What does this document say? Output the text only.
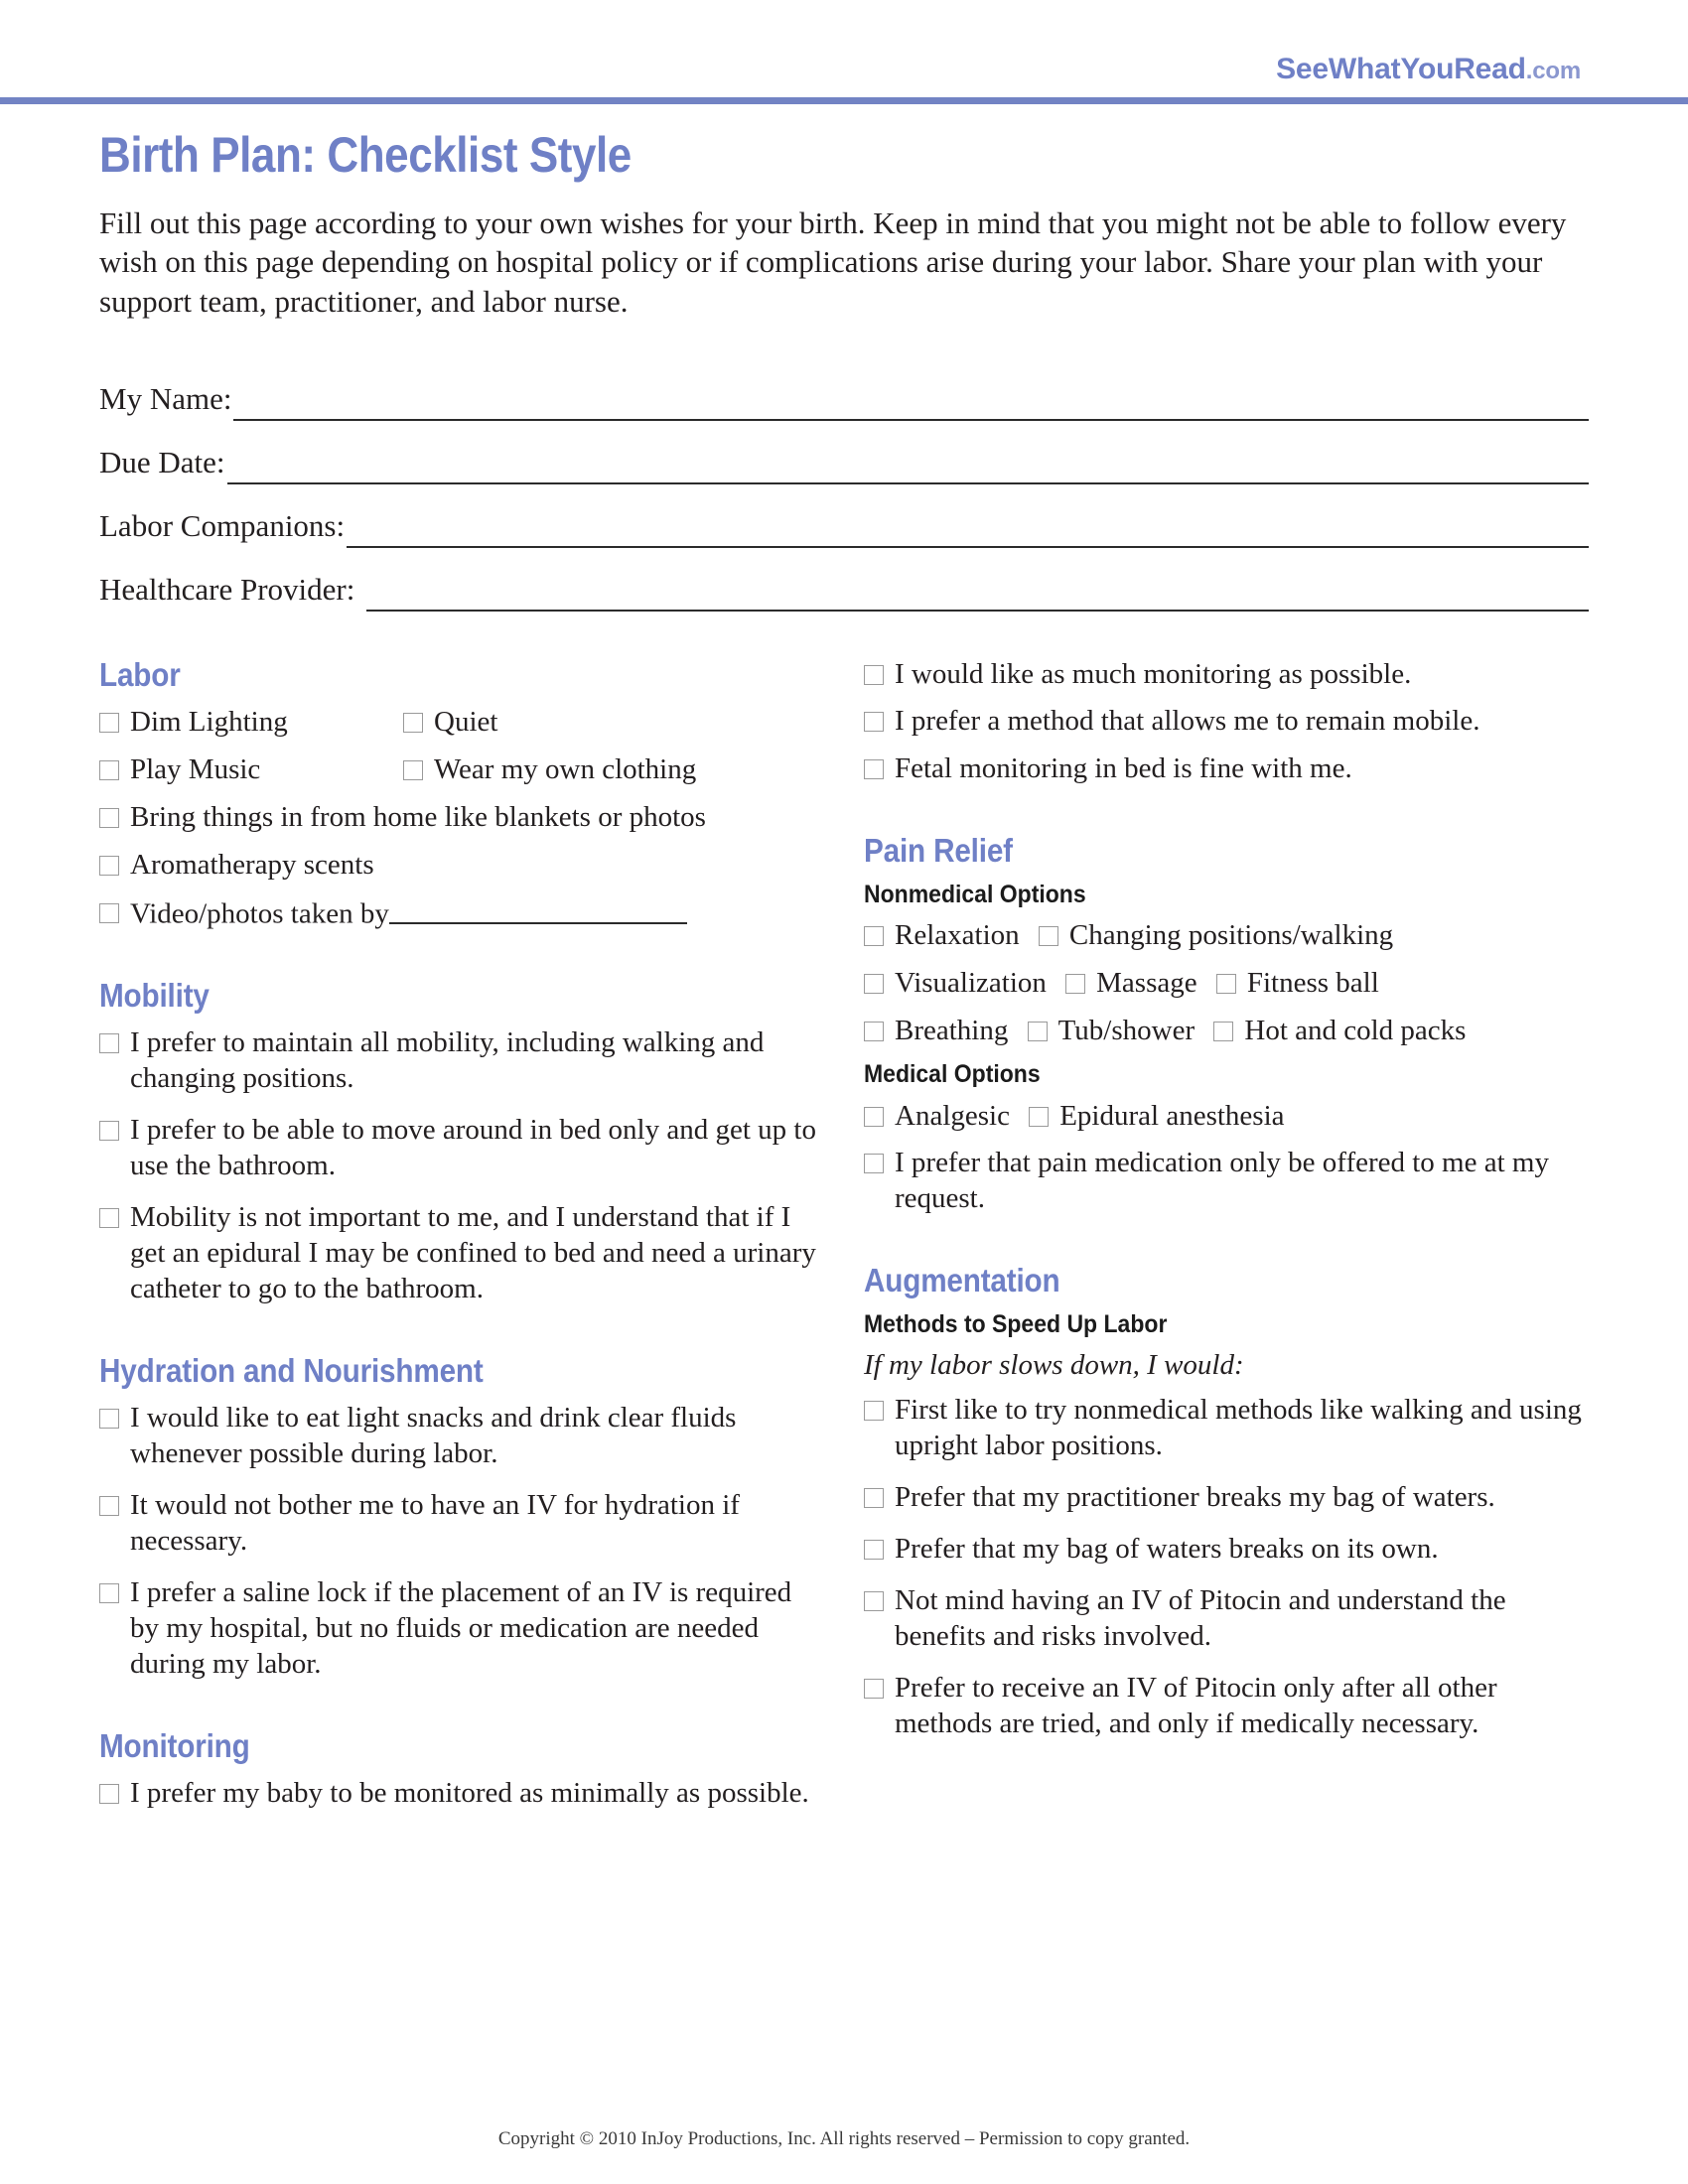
SeeWhatYouRead.com
Birth Plan: Checklist Style

Fill out this page according to your own wishes for your birth. Keep in mind that you might not be able to follow every wish on this page depending on hospital policy or if complications arise during your labor. Share your plan with your support team, practitioner, and labor nurse.

My Name:
Due Date:
Labor Companions:
Healthcare Provider:
Labor
Dim Lighting	Quiet
Play Music	Wear my own clothing
Bring things in from home like blankets or photos
Aromatherapy scents
Video/photos taken by
Mobility
I prefer to maintain all mobility, including walking and changing positions.
I prefer to be able to move around in bed only and get up to use the bathroom.
Mobility is not important to me, and I understand that if I get an epidural I may be confined to bed and need a urinary catheter to go to the bathroom.
Hydration and Nourishment
I would like to eat light snacks and drink clear fluids whenever possible during labor.
It would not bother me to have an IV for hydration if necessary.
I prefer a saline lock if the placement of an IV is required by my hospital, but no fluids or medication are needed during my labor.
Monitoring
I prefer my baby to be monitored as minimally as possible.
I would like as much monitoring as possible.
I prefer a method that allows me to remain mobile.
Fetal monitoring in bed is fine with me.
Pain Relief
Nonmedical Options
Relaxation
Changing positions/walking
Visualization
Massage
Fitness ball
Breathing
Tub/shower
Hot and cold packs
Medical Options
Analgesic
Epidural anesthesia
I prefer that pain medication only be offered to me at my request.
Augmentation
Methods to Speed Up Labor

If my labor slows down, I would:

First like to try nonmedical methods like walking and using upright labor positions.
Prefer that my practitioner breaks my bag of waters.
Prefer that my bag of waters breaks on its own.
Not mind having an IV of Pitocin and understand the benefits and risks involved.
Prefer to receive an IV of Pitocin only after all other methods are tried, and only if medically necessary.
Copyright © 2010 InJoy Productions, Inc. All rights reserved – Permission to copy granted.
